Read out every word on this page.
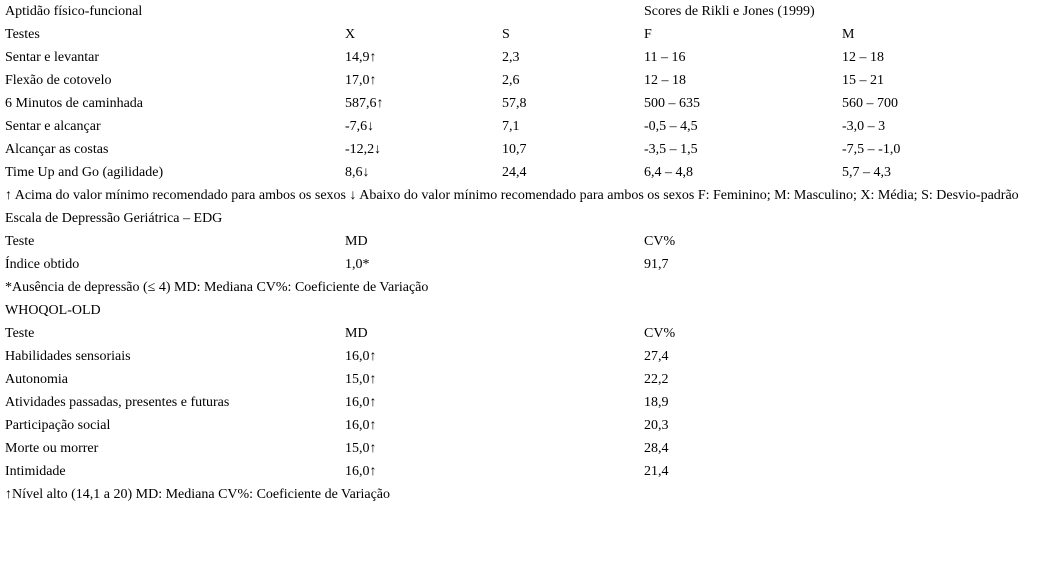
Aptidão físico-funcional	Scores de Rikli e Jones (1999)
Testes	X	S	F	M
Sentar e levantar	14,9↑	2,3	11 – 16	12 – 18
Flexão de cotovelo	17,0↑	2,6	12 – 18	15 – 21
6 Minutos de caminhada	587,6↑	57,8	500 – 635	560 – 700
Sentar e alcançar	-7,6↓	7,1	-0,5 – 4,5	-3,0 – 3
Alcançar as costas	-12,2↓	10,7	-3,5 – 1,5	-7,5 – -1,0
Time Up and Go (agilidade)	8,6↓	24,4	6,4 – 4,8	5,7 – 4,3
↑ Acima do valor mínimo recomendado para ambos os sexos ↓ Abaixo do valor mínimo recomendado para ambos os sexos F: Feminino; M: Masculino; X: Média; S: Desvio-padrão
Escala de Depressão Geriátrica – EDG
Teste	MD	CV%
Índice obtido	1,0*	91,7
*Ausência de depressão (≤ 4) MD: Mediana CV%: Coeficiente de Variação
WHOQOL-OLD
Teste	MD	CV%
Habilidades sensoriais	16,0↑	27,4
Autonomia	15,0↑	22,2
Atividades passadas, presentes e futuras	16,0↑	18,9
Participação social	16,0↑	20,3
Morte ou morrer	15,0↑	28,4
Intimidade	16,0↑	21,4
↑Nível alto (14,1 a 20) MD: Mediana CV%: Coeficiente de Variação
